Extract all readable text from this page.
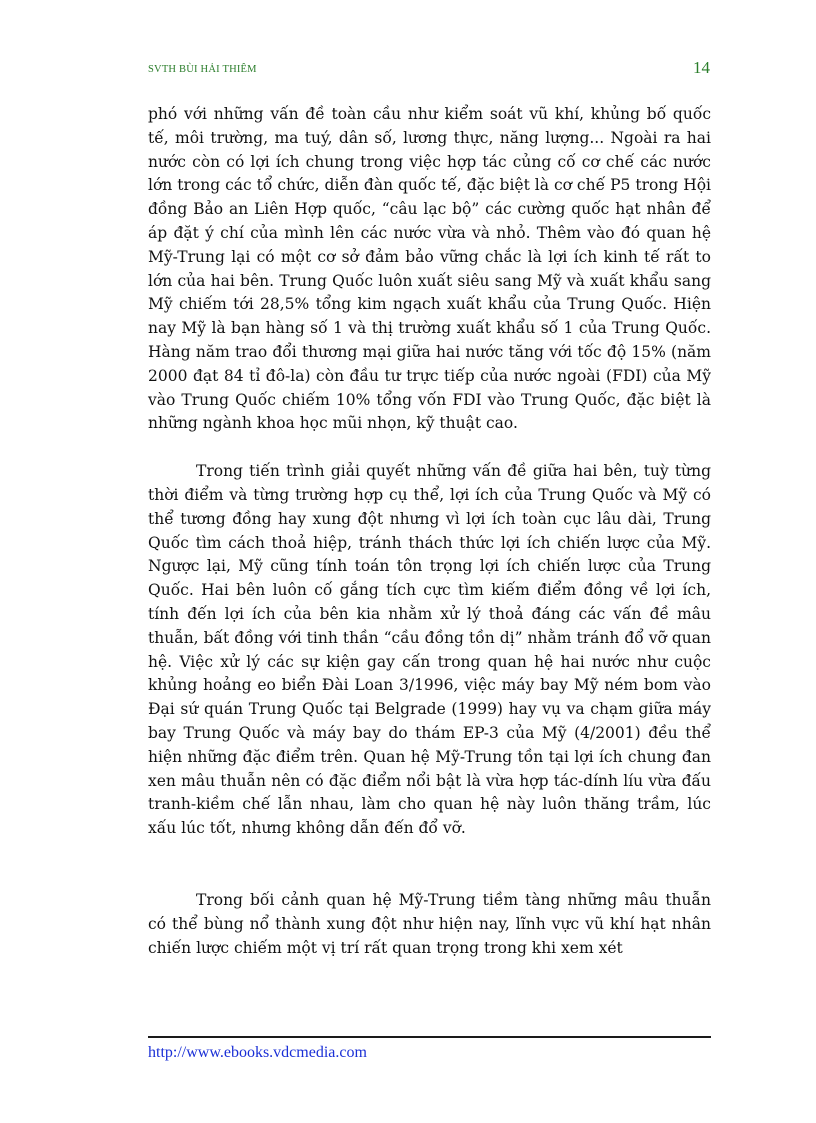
SVTH BÙI HẢI THIÊM	14

phó với những vấn đề toàn cầu như kiểm soát vũ khí, khủng bố quốc tế, môi trường, ma tuý, dân số, lương thực, năng lượng... Ngoài ra hai nước còn có lợi ích chung trong việc hợp tác củng cố cơ chế các nước lớn trong các tổ chức, diễn đàn quốc tế, đặc biệt là cơ chế P5 trong Hội đồng Bảo an Liên Hợp quốc, “câu lạc bộ” các cường quốc hạt nhân để áp đặt ý chí của mình lên các nước vừa và nhỏ. Thêm vào đó quan hệ Mỹ-Trung lại có một cơ sở đảm bảo vững chắc là lợi ích kinh tế rất to lớn của hai bên. Trung Quốc luôn xuất siêu sang Mỹ và xuất khẩu sang Mỹ chiếm tới 28,5% tổng kim ngạch xuất khẩu của Trung Quốc. Hiện nay Mỹ là bạn hàng số 1 và thị trường xuất khẩu số 1 của Trung Quốc. Hàng năm trao đổi thương mại giữa hai nước tăng với tốc độ 15% (năm 2000 đạt 84 tỉ đô-la) còn đầu tư trực tiếp của nước ngoài (FDI) của Mỹ vào Trung Quốc chiếm 10% tổng vốn FDI vào Trung Quốc, đặc biệt là những ngành khoa học mũi nhọn, kỹ thuật cao.

Trong tiến trình giải quyết những vấn đề giữa hai bên, tuỳ từng thời điểm và từng trường hợp cụ thể, lợi ích của Trung Quốc và Mỹ có thể tương đồng hay xung đột nhưng vì lợi ích toàn cục lâu dài, Trung Quốc tìm cách thoả hiệp, tránh thách thức lợi ích chiến lược của Mỹ. Ngược lại, Mỹ cũng tính toán tôn trọng lợi ích chiến lược của Trung Quốc. Hai bên luôn cố gắng tích cực tìm kiếm điểm đồng về lợi ích, tính đến lợi ích của bên kia nhằm xử lý thoả đáng các vấn đề mâu thuẫn, bất đồng với tinh thần “cầu đồng tồn dị” nhằm tránh đổ vỡ quan hệ. Việc xử lý các sự kiện gay cấn trong quan hệ hai nước như cuộc khủng hoảng eo biển Đài Loan 3/1996, việc máy bay Mỹ ném bom vào Đại sứ quán Trung Quốc tại Belgrade (1999) hay vụ va chạm giữa máy bay Trung Quốc và máy bay do thám EP-3 của Mỹ (4/2001) đều thể hiện những đặc điểm trên. Quan hệ Mỹ-Trung tồn tại lợi ích chung đan xen mâu thuẫn nên có đặc điểm nổi bật là vừa hợp tác-dính líu vừa đấu tranh-kiềm chế lẫn nhau, làm cho quan hệ này luôn thăng trầm, lúc xấu lúc tốt, nhưng không dẫn đến đổ vỡ.

Trong bối cảnh quan hệ Mỹ-Trung tiềm tàng những mâu thuẫn có thể bùng nổ thành xung đột như hiện nay, lĩnh vực vũ khí hạt nhân chiến lược chiếm một vị trí rất quan trọng trong khi xem xét

http://www.ebooks.vdcmedia.com
